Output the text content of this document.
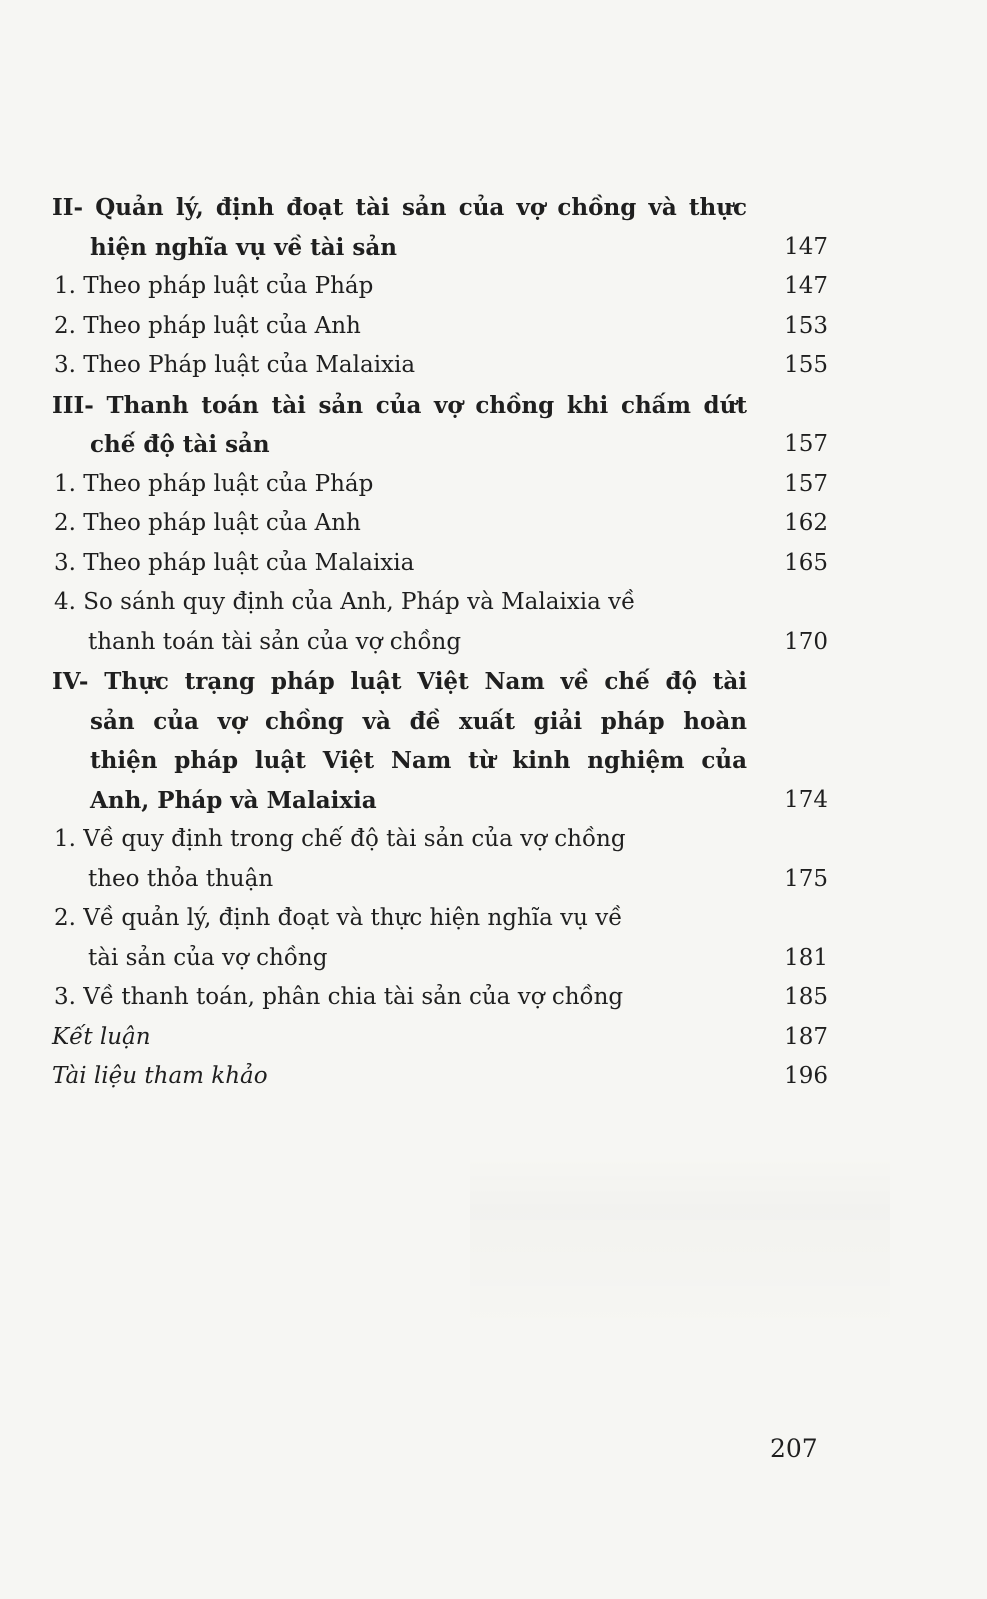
II- Quản lý, định đoạt tài sản của vợ chồng và thực
hiện nghĩa vụ về tài sản	147
1. Theo pháp luật của Pháp	147
2. Theo pháp luật của Anh	153
3. Theo Pháp luật của Malaixia	155
III- Thanh toán tài sản của vợ chồng khi chấm dứt
chế độ tài sản	157
1. Theo pháp luật của Pháp	157
2. Theo pháp luật của Anh	162
3. Theo pháp luật của Malaixia	165
4. So sánh quy định của Anh, Pháp và Malaixia về
thanh toán tài sản của vợ chồng	170
IV- Thực trạng pháp luật Việt Nam về chế độ tài
sản của vợ chồng và đề xuất giải pháp hoàn
thiện pháp luật Việt Nam từ kinh nghiệm của
Anh, Pháp và Malaixia	174
1. Về quy định trong chế độ tài sản của vợ chồng
theo thỏa thuận	175
2. Về quản lý, định đoạt và thực hiện nghĩa vụ về
tài sản của vợ chồng	181
3. Về thanh toán, phân chia tài sản của vợ chồng	185
Kết luận	187
Tài liệu tham khảo	196
207
